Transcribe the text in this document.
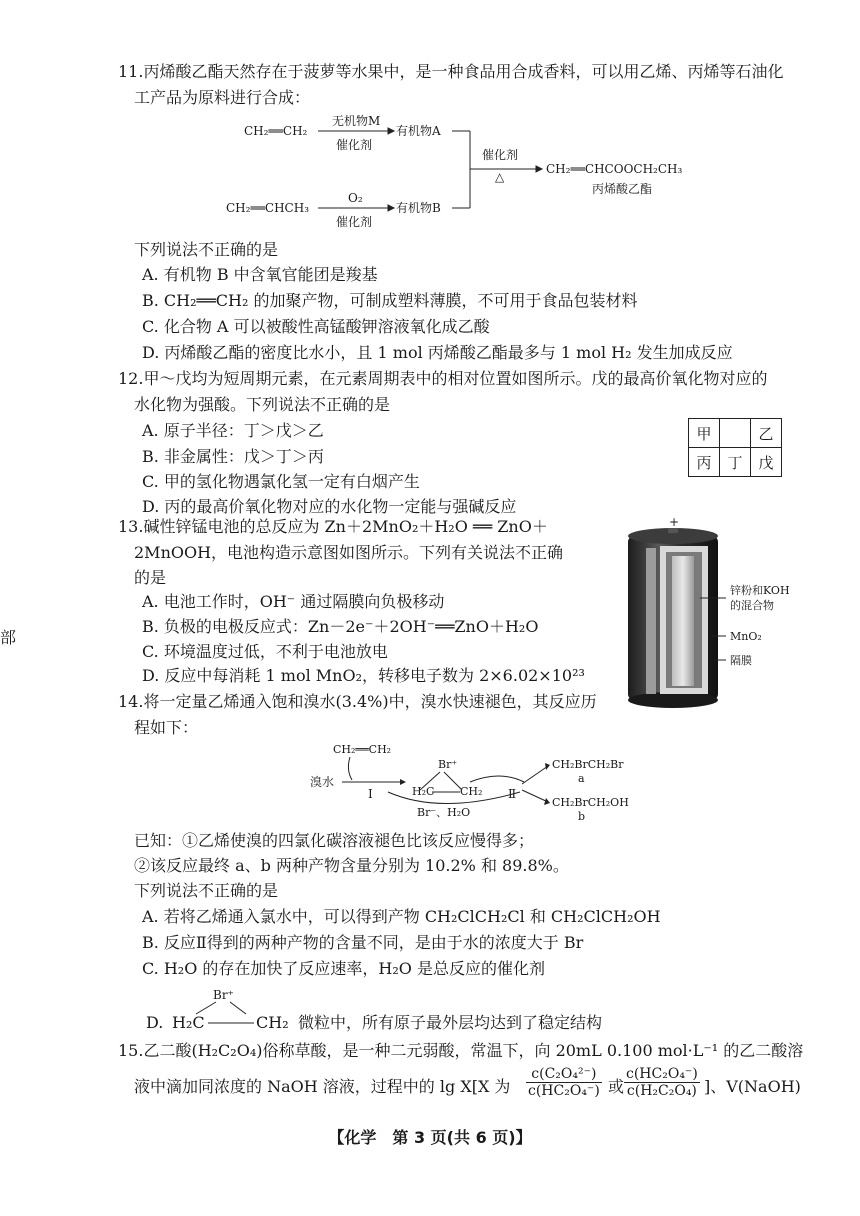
11.丙烯酸乙酯天然存在于菠萝等水果中，是一种食品用合成香料，可以用乙烯、丙烯等石油化
工产品为原料进行合成：
CH₂══CH₂
无机物M
催化剂
有机物A
CH₂══CHCH₃
O₂
催化剂
有机物B
催化剂
△
CH₂══CHCOOCH₂CH₃
丙烯酸乙酯
下列说法不正确的是
A. 有机物 B 中含氧官能团是羧基
B. CH₂══CH₂ 的加聚产物，可制成塑料薄膜，不可用于食品包装材料
C. 化合物 A 可以被酸性高锰酸钾溶液氧化成乙酸
D. 丙烯酸乙酯的密度比水小，且 1 mol 丙烯酸乙酯最多与 1 mol H₂ 发生加成反应
12.甲～戊均为短周期元素，在元素周期表中的相对位置如图所示。戊的最高价氧化物对应的
水化物为强酸。下列说法不正确的是
A. 原子半径：丁＞戊＞乙
B. 非金属性：戊＞丁＞丙
C. 甲的氢化物遇氯化氢一定有白烟产生
D. 丙的最高价氧化物对应的水化物一定能与强碱反应
甲		乙
丙	丁	戊
13.碱性锌锰电池的总反应为 Zn＋2MnO₂＋H₂O ══ ZnO＋
2MnOOH，电池构造示意图如图所示。下列有关说法不正确
的是
A. 电池工作时，OH⁻ 通过隔膜向负极移动
B. 负极的电极反应式：Zn－2e⁻＋2OH⁻══ZnO＋H₂O
C. 环境温度过低，不利于电池放电
D. 反应中每消耗 1 mol MnO₂，转移电子数为 2×6.02×10²³
部
+
−
锌粉和KOH
的混合物
MnO₂
隔膜
14.将一定量乙烯通入饱和溴水(3.4%)中，溴水快速褪色，其反应历
程如下：
CH₂══CH₂
溴水
Ⅰ
Br⁺
H₂C CH₂
Br⁻、H₂O
Ⅱ
CH₂BrCH₂Br
a
CH₂BrCH₂OH
b
已知：①乙烯使溴的四氯化碳溶液褪色比该反应慢得多；
②该反应最终 a、b 两种产物含量分别为 10.2% 和 89.8%。
下列说法不正确的是
A. 若将乙烯通入氯水中，可以得到产物 CH₂ClCH₂Cl 和 CH₂ClCH₂OH
B. 反应Ⅱ得到的两种产物的含量不同，是由于水的浓度大于 Br
C. H₂O 的存在加快了反应速率，H₂O 是总反应的催化剂
D.
Br⁺
H₂C	CH₂ 微粒中，所有原子最外层均达到了稳定结构
15.乙二酸(H₂C₂O₄)俗称草酸，是一种二元弱酸，常温下，向 20mL 0.100 mol·L⁻¹ 的乙二酸溶
液中滴加同浓度的 NaOH 溶液，过程中的 lg X[X 为 $\frac{\text{c(C₂O₄²⁻)}}{\text{c(HC₂O₄⁻)}}$ 或 $\frac{\text{c(HC₂O₄⁻)}}{\text{c(H₂C₂O₄)}}$ ]、V(NaOH)
【化学　第 3 页(共 6 页)】
